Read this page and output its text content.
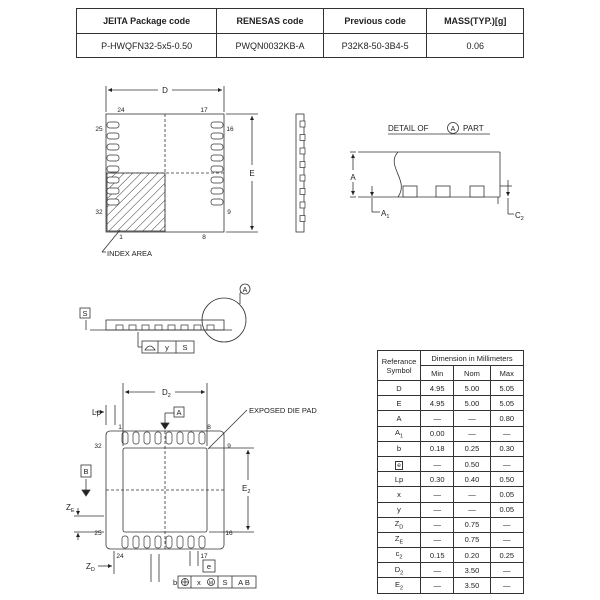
JEITA Package code	RENESAS code	Previous code	MASS(TYP.)[g]
P-HWQFN32-5x5-0.50	PWQN0032KB-A	P32K8-50-3B4-5	0.06
D
E
24	17
25	16
32	9
1	8
INDEX AREA
DETAIL OF	A PART
A
$A_1$	$C_2$
S
A
y S
$D_2$
$E_2$
Lp	A
B
EXPOSED DIE PAD
$Z_E$
$Z_D$
1	8
32	9
25	16
24	17
e
b	x M S A B
Referance Symbol	Dimension in Millimeters		
	Min	Nom	Max
D	4.95	5.00	5.05
E	4.95	5.00	5.05
A	—	—	0.80
$A_1$	0.00	—	—
b	0.18	0.25	0.30
e	—	0.50	—
Lp	0.30	0.40	0.50
x	—	—	0.05
y	—	—	0.05
$Z_D$	—	0.75	—
$Z_E$	—	0.75	—
$c_2$	0.15	0.20	0.25
$D_2$	—	3.50	—
$E_2$	—	3.50	—
